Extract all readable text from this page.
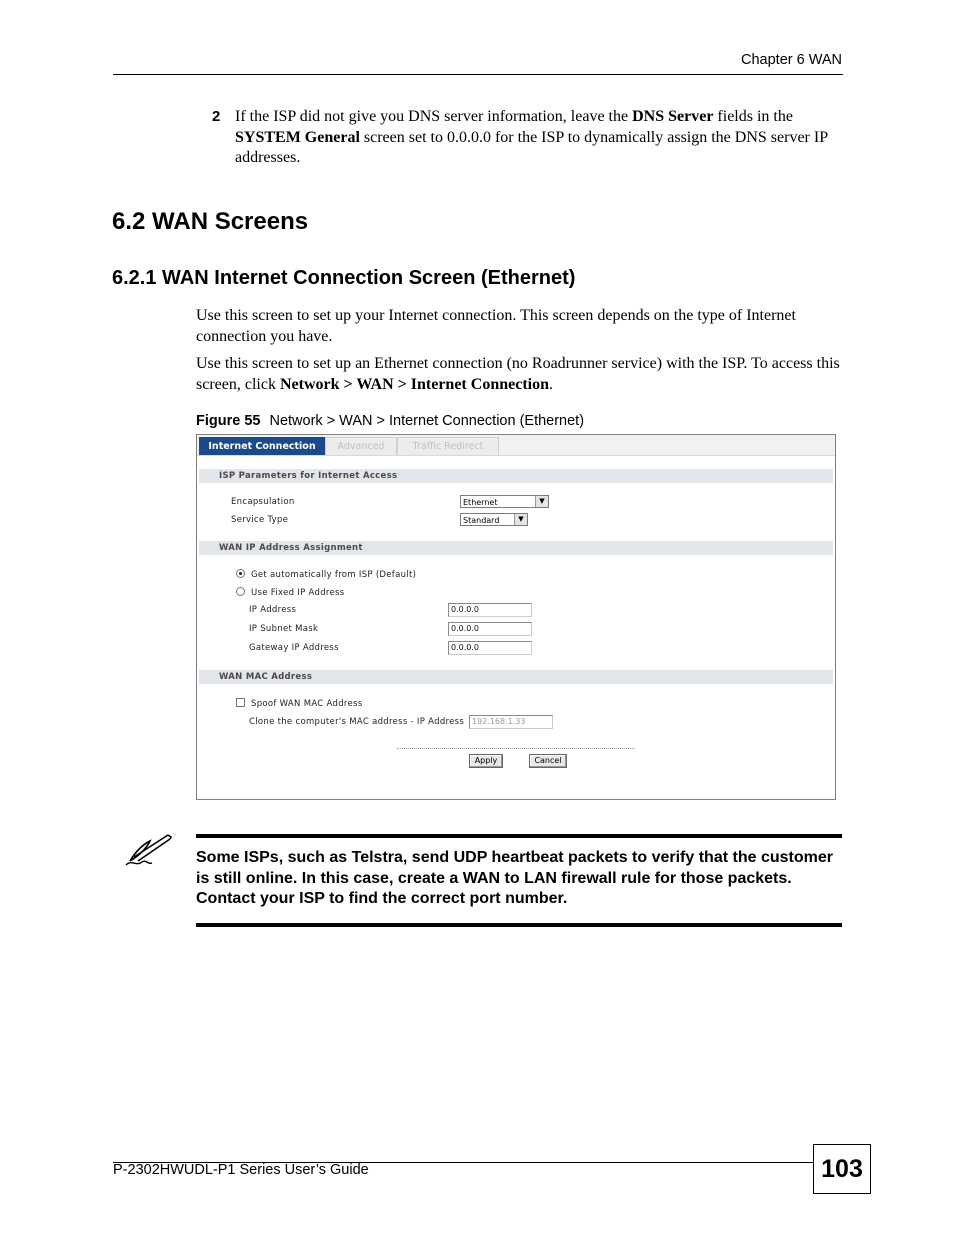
Chapter 6 WAN
2 If the ISP did not give you DNS server information, leave the DNS Server fields in the SYSTEM General screen set to 0.0.0.0 for the ISP to dynamically assign the DNS server IP addresses.
6.2 WAN Screens
6.2.1 WAN Internet Connection Screen (Ethernet)
Use this screen to set up your Internet connection. This screen depends on the type of Internet connection you have.
Use this screen to set up an Ethernet connection (no Roadrunner service) with the ISP. To access this screen, click Network > WAN > Internet Connection.
Figure 55 Network > WAN > Internet Connection (Ethernet)
Internet Connection	Advanced	Traffic Redirect
ISP Parameters for Internet Access
Encapsulation	Ethernet	▼
Service Type	Standard	▼
WAN IP Address Assignment
Get automatically from ISP (Default)
Use Fixed IP Address
IP Address	0.0.0.0
IP Subnet Mask	0.0.0.0
Gateway IP Address	0.0.0.0
WAN MAC Address
Spoof WAN MAC Address
Clone the computer's MAC address - IP Address 192.168.1.33
Apply	Cancel
Some ISPs, such as Telstra, send UDP heartbeat packets to verify that the customer is still online. In this case, create a WAN to LAN firewall rule for those packets. Contact your ISP to find the correct port number.
P-2302HWUDL-P1 Series User’s Guide	103
